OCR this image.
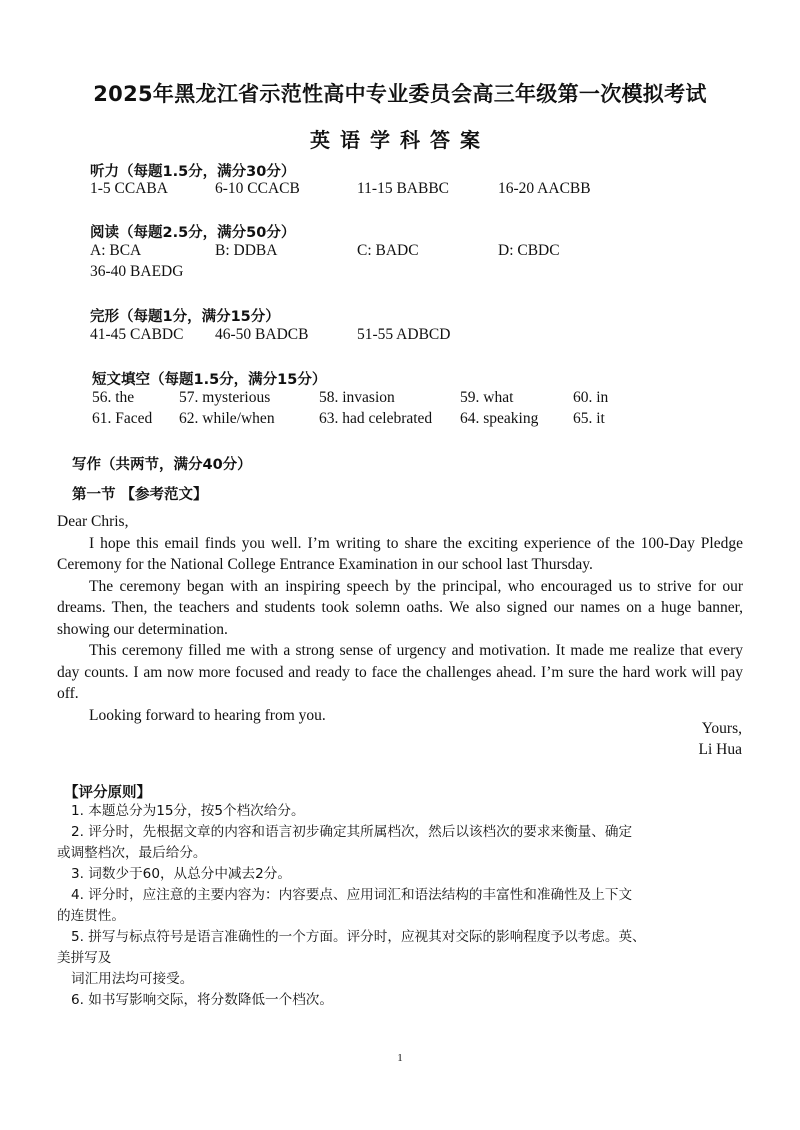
2025年黑龙江省示范性高中专业委员会高三年级第一次模拟考试
英语学科答案
听力（每题1.5分，满分30分）
1-5 CCABA	6-10 CCACB	11-15 BABBC	16-20 AACBB
阅读（每题2.5分，满分50分）
A: BCA	B: DDBA	C: BADC	D: CBDC
36-40 BAEDG
完形（每题1分，满分15分）
41-45 CABDC 46-50 BADCB	51-55 ADBCD
短文填空（每题1.5分，满分15分）
56. the	57. mysterious	58. invasion	59. what	60. in
61. Faced 62. while/when	63. had celebrated 64. speaking 65. it
写作（共两节，满分40分）
第一节 【参考范文】

Dear Chris,

I hope this email finds you well. I’m writing to share the exciting experience of the 100-Day Pledge Ceremony for the National College Entrance Examination in our school last Thursday.

The ceremony began with an inspiring speech by the principal, who encouraged us to strive for our dreams. Then, the teachers and students took solemn oaths. We also signed our names on a huge banner, showing our determination.

This ceremony filled me with a strong sense of urgency and motivation. It made me realize that every day counts. I am now more focused and ready to face the challenges ahead. I’m sure the hard work will pay off.

Looking forward to hearing from you.

Yours,
Li Hua
【评分原则】

1. 本题总分为15分，按5个档次给分。

2. 评分时，先根据文章的内容和语言初步确定其所属档次，然后以该档次的要求来衡量、确定

或调整档次，最后给分。

3. 词数少于60，从总分中减去2分。

4. 评分时，应注意的主要内容为：内容要点、应用词汇和语法结构的丰富性和准确性及上下文

的连贯性。

5. 拼写与标点符号是语言准确性的一个方面。评分时，应视其对交际的影响程度予以考虑。英、

美拼写及

词汇用法均可接受。

6. 如书写影响交际，将分数降低一个档次。

1
